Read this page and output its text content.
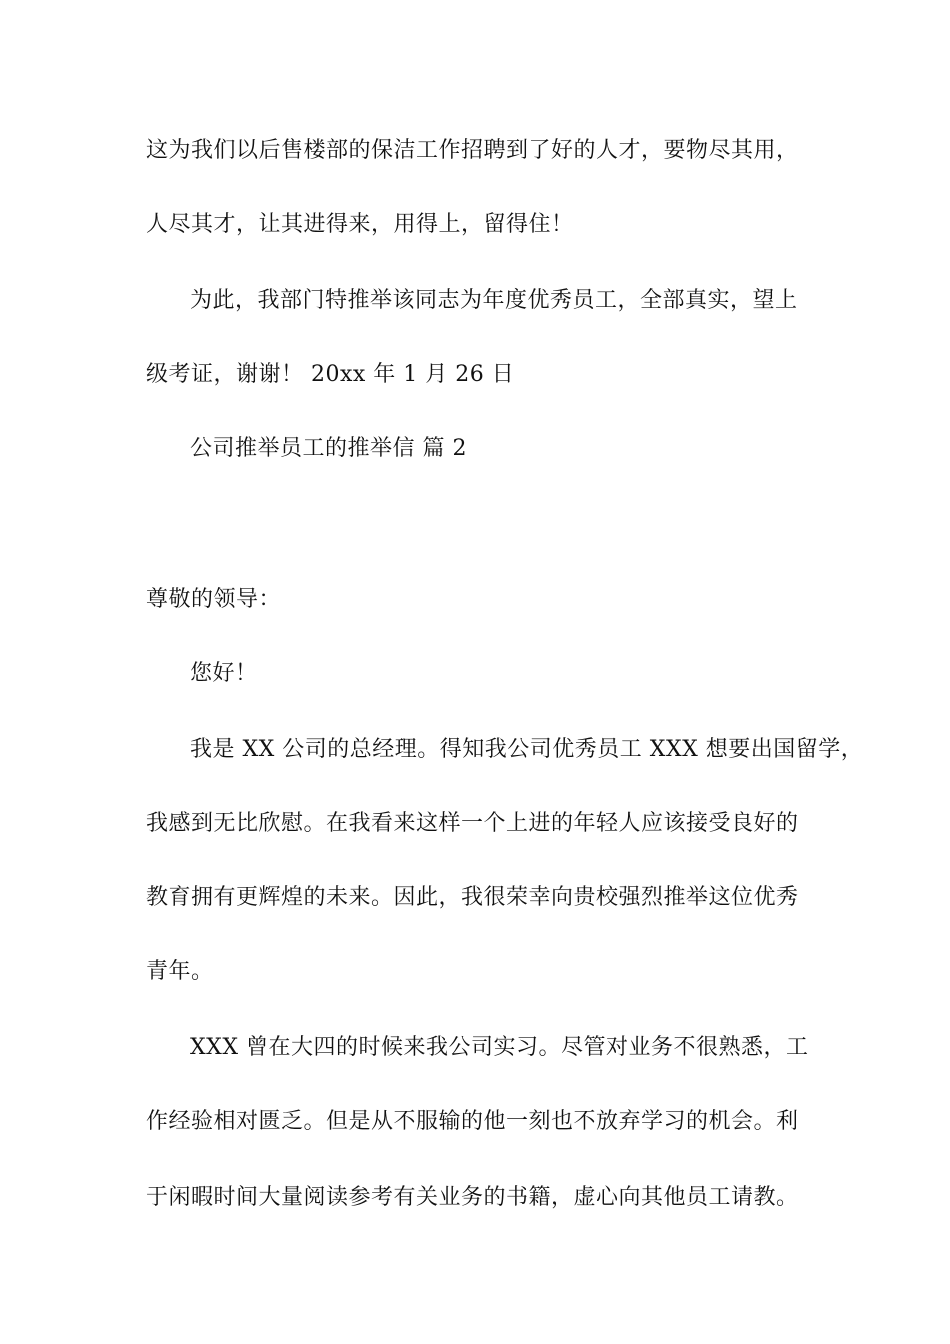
这为我们以后售楼部的保洁工作招聘到了好的人才，要物尽其用，
人尽其才，让其进得来，用得上，留得住！
为此，我部门特推举该同志为年度优秀员工，全部真实，望上
级考证，谢谢！ 20xx 年 1 月 26 日
公司推举员工的推举信 篇 2
尊敬的领导：
您好！
我是 XX 公司的总经理。得知我公司优秀员工 XXX 想要出国留学，
我感到无比欣慰。在我看来这样一个上进的年轻人应该接受良好的
教育拥有更辉煌的未来。因此，我很荣幸向贵校强烈推举这位优秀
青年。
XXX 曾在大四的时候来我公司实习。尽管对业务不很熟悉，工
作经验相对匮乏。但是从不服输的他一刻也不放弃学习的机会。利
于闲暇时间大量阅读参考有关业务的书籍，虚心向其他员工请教。
